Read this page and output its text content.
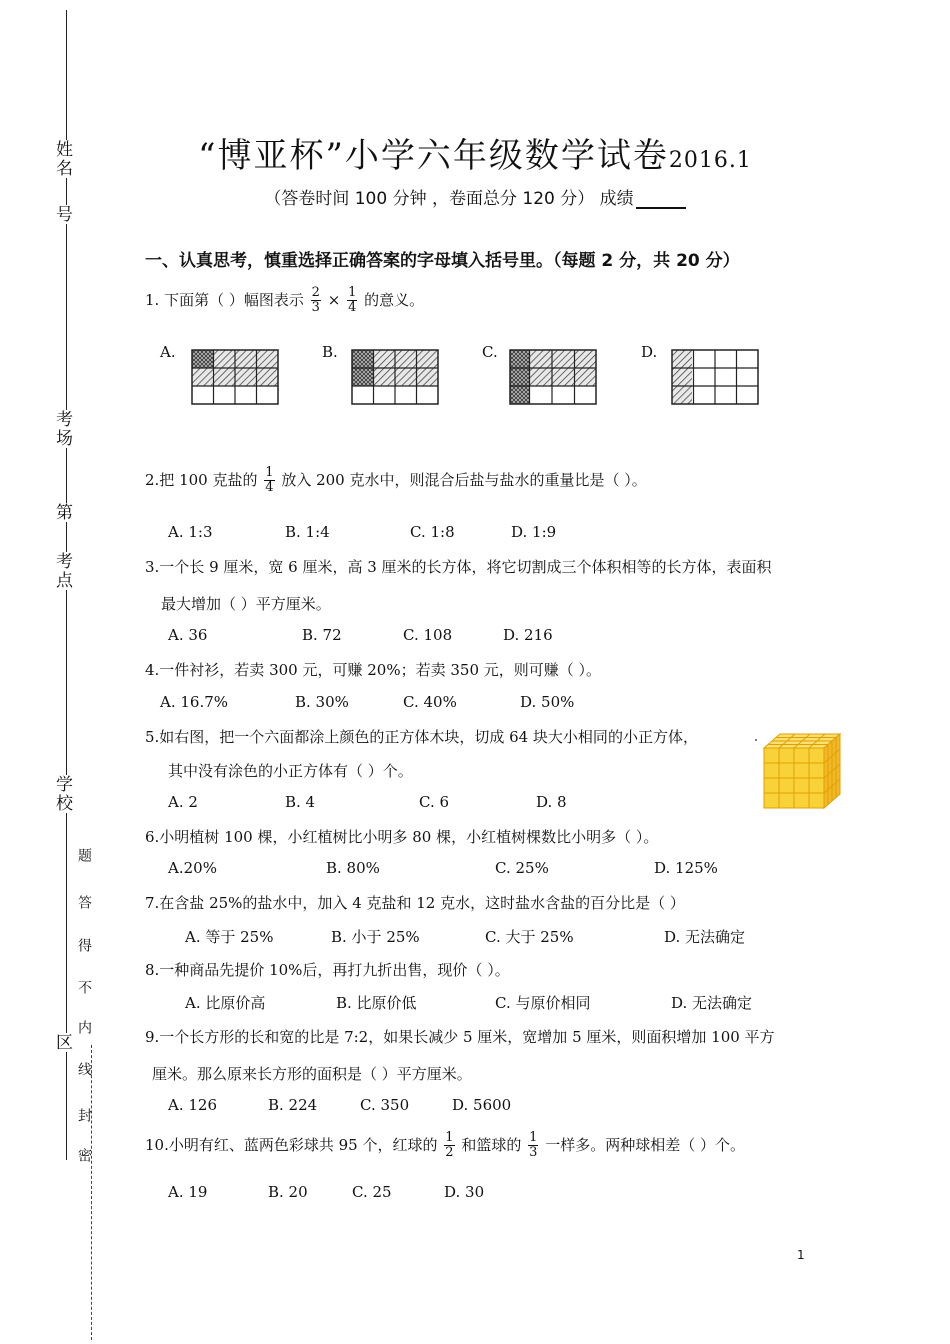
姓名
号
考场
第
考点
学校
区
题
答
得
不
内
线
封
密
“博亚杯”小学六年级数学试卷2016.1
（答卷时间 100 分钟 ，卷面总分 120 分） 成绩
一、认真思考，慎重选择正确答案的字母填入括号里。（每题 2 分，共 20 分）
1. 下面第（ ）幅图表示 $\frac{2}{3} \times \frac{1}{4}$ 的意义。
A.	B.	C.	D.
2.把 100 克盐的 $\frac{1}{4}$ 放入 200 克水中，则混合后盐与盐水的重量比是（ ）。
A. 1:3	B. 1:4	C. 1:8	D. 1:9
3.一个长 9 厘米，宽 6 厘米，高 3 厘米的长方体，将它切割成三个体积相等的长方体，表面积
最大增加（ ）平方厘米。
A. 36	B. 72	C. 108	D. 216
4.一件衬衫，若卖 300 元，可赚 20%；若卖 350 元，则可赚（ ）。
A. 16.7%	B. 30%	C. 40%	D. 50%
5.如右图，把一个六面都涂上颜色的正方体木块，切成 64 块大小相同的小正方体，
其中没有涂色的小正方体有（ ）个。
A. 2	B. 4	C. 6	D. 8
6.小明植树 100 棵，小红植树比小明多 80 棵，小红植树棵数比小明多（ ）。
A.20%	B. 80%	C. 25%	D. 125%
7.在含盐 25%的盐水中，加入 4 克盐和 12 克水，这时盐水含盐的百分比是（ ）
A. 等于 25%	B. 小于 25%	C. 大于 25%	D. 无法确定
8.一种商品先提价 10%后，再打九折出售，现价（ ）。
A. 比原价高	B. 比原价低	C. 与原价相同	D. 无法确定
9.一个长方形的长和宽的比是 7:2，如果长减少 5 厘米，宽增加 5 厘米，则面积增加 100 平方
厘米。那么原来长方形的面积是（ ）平方厘米。
A. 126	B. 224	C. 350	D. 5600
10.小明有红、蓝两色彩球共 95 个，红球的 $\frac{1}{2}$ 和篮球的 $\frac{1}{3}$ 一样多。两种球相差（ ）个。
A. 19	B. 20	C. 25	D. 30
1
